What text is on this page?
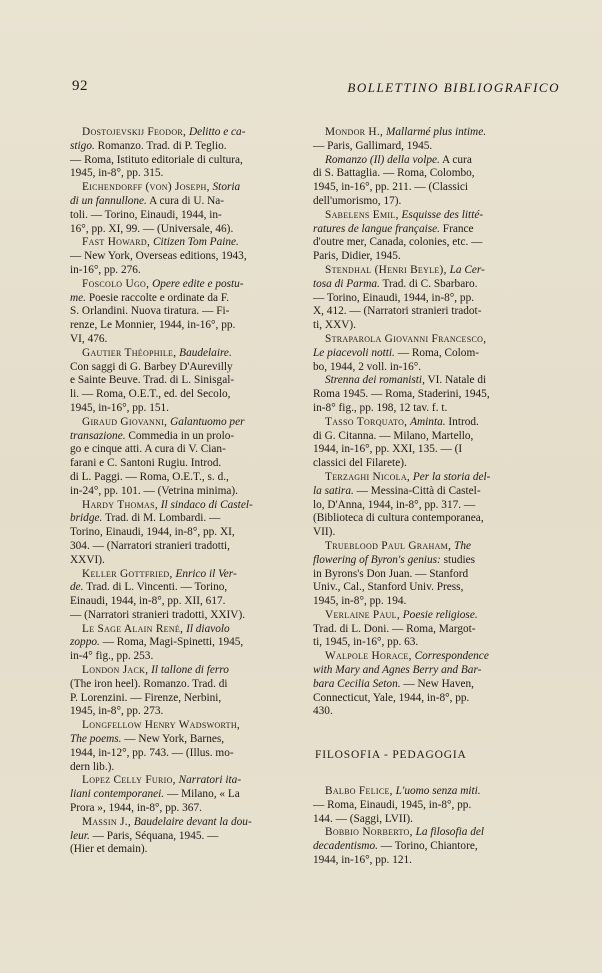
92	BOLLETTINO BIBLIOGRAFICO
Dostojevskij Feodor, Delitto e ca-
stigo. Romanzo. Trad. di P. Teglio.
— Roma, Istituto editoriale di cultura,
1945, in-8°, pp. 315.
Eichendorff (von) Joseph, Storia
di un fannullone. A cura di U. Na-
toli. — Torino, Einaudi, 1944, in-
16°, pp. XI, 99. — (Universale, 46).
Fast Howard, Citizen Tom Paine.
— New York, Overseas editions, 1943,
in-16°, pp. 276.
Foscolo Ugo, Opere edite e postu-
me. Poesie raccolte e ordinate da F.
S. Orlandini. Nuova tiratura. — Fi-
renze, Le Monnier, 1944, in-16°, pp.
VI, 476.
Gautier Théophile, Baudelaire.
Con saggi di G. Barbey D'Aurevilly
e Sainte Beuve. Trad. di L. Sinisgal-
li. — Roma, O.E.T., ed. del Secolo,
1945, in-16°, pp. 151.
Giraud Giovanni, Galantuomo per
transazione. Commedia in un prolo-
go e cinque atti. A cura di V. Cian-
farani e C. Santoni Rugiu. Introd.
di L. Paggi. — Roma, O.E.T., s. d.,
in-24°, pp. 101. — (Vetrina minima).
Hardy Thomas, Il sindaco di Castel-
bridge. Trad. di M. Lombardi. —
Torino, Einaudi, 1944, in-8°, pp. XI,
304. — (Narratori stranieri tradotti,
XXVI).
Keller Gottfried, Enrico il Ver-
de. Trad. di L. Vincenti. — Torino,
Einaudi, 1944, in-8°, pp. XII, 617.
— (Narratori stranieri tradotti, XXIV).
Le Sage Alain René, Il diavolo
zoppo. — Roma, Magi-Spinetti, 1945,
in-4° fig., pp. 253.
London Jack, Il tallone di ferro
(The iron heel). Romanzo. Trad. di
P. Lorenzini. — Firenze, Nerbini,
1945, in-8°, pp. 273.
Longfellow Henry Wadsworth,
The poems. — New York, Barnes,
1944, in-12°, pp. 743. — (Illus. mo-
dern lib.).
Lopez Celly Furio, Narratori ita-
liani contemporanei. — Milano, « La
Prora », 1944, in-8°, pp. 367.
Massin J., Baudelaire devant la dou-
leur. — Paris, Séquana, 1945. —
(Hier et demain).
Mondor H., Mallarmé plus intime.
— Paris, Gallimard, 1945.
Romanzo (Il) della volpe. A cura
di S. Battaglia. — Roma, Colombo,
1945, in-16°, pp. 211. — (Classici
dell'umorismo, 17).
Sabelens Emil, Esquisse des litté-
ratures de langue française. France
d'outre mer, Canada, colonies, etc. —
Paris, Didier, 1945.
Stendhal (Henri Beyle), La Cer-
tosa di Parma. Trad. di C. Sbarbaro.
— Torino, Einaudi, 1944, in-8°, pp.
X, 412. — (Narratori stranieri tradot-
ti, XXV).
Straparola Giovanni Francesco,
Le piacevoli notti. — Roma, Colom-
bo, 1944, 2 voll. in-16°.
Strenna dei romanisti, VI. Natale di
Roma 1945. — Roma, Staderini, 1945,
in-8° fig., pp. 198, 12 tav. f. t.
Tasso Torquato, Aminta. Introd.
di G. Citanna. — Milano, Martello,
1944, in-16°, pp. XXI, 135. — (I
classici del Filarete).
Terzaghi Nicola, Per la storia del-
la satira. — Messina-Città di Castel-
lo, D'Anna, 1944, in-8°, pp. 317. —
(Biblioteca di cultura contemporanea,
VII).
Trueblood Paul Graham, The
flowering of Byron's genius: studies
in Byrons's Don Juan. — Stanford
Univ., Cal., Stanford Univ. Press,
1945, in-8°, pp. 194.
Verlaine Paul, Poesie religiose.
Trad. di L. Doni. — Roma, Margot-
ti, 1945, in-16°, pp. 63.
Walpole Horace, Correspondence
with Mary and Agnes Berry and Bar-
bara Cecilia Seton. — New Haven,
Connecticut, Yale, 1944, in-8°, pp.
430.
FILOSOFIA - PEDAGOGIA
Balbo Felice, L'uomo senza miti.
— Roma, Einaudi, 1945, in-8°, pp.
144. — (Saggi, LVII).
Bobbio Norberto, La filosofia del
decadentismo. — Torino, Chiantore,
1944, in-16°, pp. 121.
